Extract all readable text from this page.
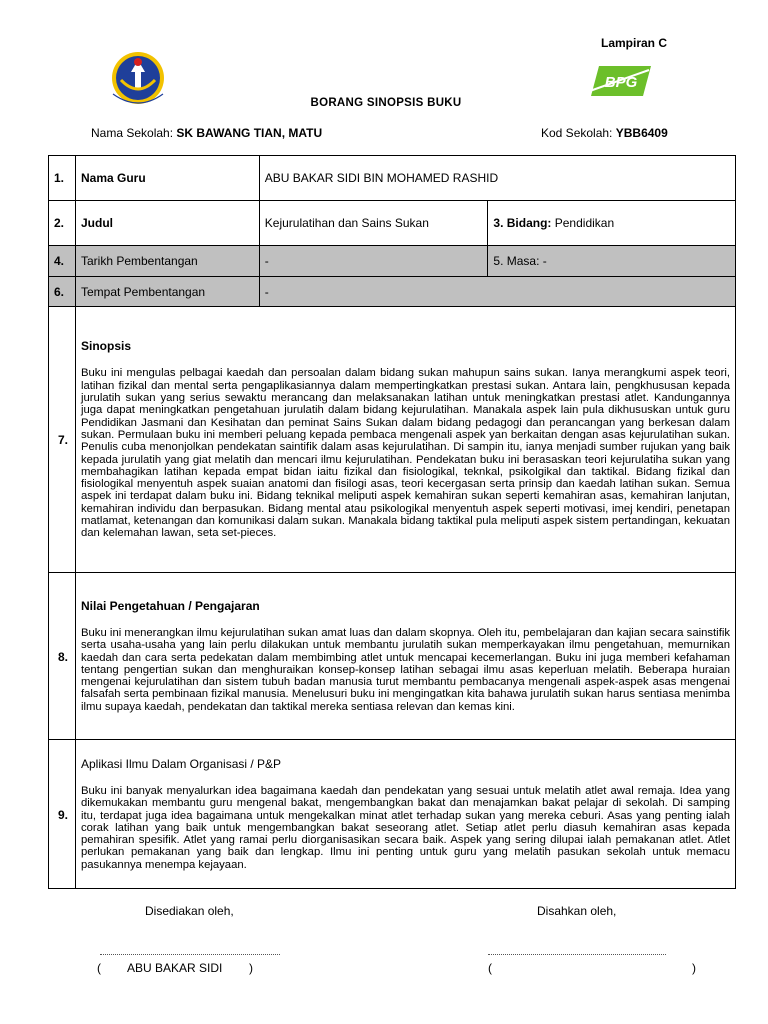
Lampiran C
BPG
BORANG SINOPSIS BUKU
Nama Sekolah: SK BAWANG TIAN, MATU	Kod Sekolah: YBB6409
1.	Nama Guru	ABU BAKAR SIDI BIN MOHAMED RASHID	
2.	Judul	Kejurulatihan dan Sains Sukan	3. Bidang: Pendidikan
4.	Tarikh Pembentangan	-	5. Masa: -
6.	Tempat Pembentangan	-	
7.	Sinopsis
Buku ini mengulas pelbagai kaedah dan persoalan dalam bidang sukan mahupun sains sukan. Ianya merangkumi aspek teori, latihan fizikal dan mental serta pengaplikasiannya dalam mempertingkatkan prestasi sukan. Antara lain, pengkhususan kepada jurulatih sukan yang serius sewaktu merancang dan melaksanakan latihan untuk meningkatkan prestasi atlet. Kandungannya juga dapat meningkatkan pengetahuan jurulatih dalam bidang kejurulatihan. Manakala aspek lain pula dikhususkan untuk guru Pendidikan Jasmani dan Kesihatan dan peminat Sains Sukan dalam bidang pedagogi dan perancangan yang berkesan dalam sukan. Permulaan buku ini memberi peluang kepada pembaca mengenali aspek yan berkaitan dengan asas kejurulatihan sukan. Penulis cuba menonjolkan pendekatan saintifik dalam asas kejurulatihan. Di sampin itu, ianya menjadi sumber rujukan yang baik kepada jurulatih yang giat melatih dan mencari ilmu kejurulatihan. Pendekatan buku ini berasaskan teori kejurulatiha sukan yang membahagikan latihan kepada empat bidan iaitu fizikal dan fisiologikal, teknkal, psikolgikal dan taktikal. Bidang fizikal dan fisiologikal menyentuh aspek suaian anatomi dan fisilogi asas, teori kecergasan serta prinsip dan kaedah latihan sukan. Semua aspek ini terdapat dalam buku ini. Bidang teknikal meliputi aspek kemahiran sukan seperti kemahiran asas, kemahiran lanjutan, kemahiran individu dan berpasukan. Bidang mental atau psikologikal menyentuh aspek seperti motivasi, imej kendiri, penetapan matlamat, ketenangan dan komunikasi dalam sukan. Manakala bidang taktikal pula meliputi aspek sistem pertandingan, kekuatan dan kelemahan lawan, seta set-pieces.		

8.	Nilai Pengetahuan / Pengajaran
Buku ini menerangkan ilmu kejurulatihan sukan amat luas dan dalam skopnya. Oleh itu, pembelajaran dan kajian secara sainstifik serta usaha-usaha yang lain perlu dilakukan untuk membantu jurulatih sukan memperkayakan ilmu pengetahuan, memurnikan kaedah dan cara serta pedekatan dalam membimbing atlet untuk mencapai kecemerlangan. Buku ini juga memberi kefahaman tentang pengertian sukan dan menghuraikan konsep-konsep latihan sebagai ilmu asas keperluan melatih. Beberapa huraian mengenai kejurulatihan dan sistem tubuh badan manusia turut membantu pembacanya mengenali aspek-aspek asas mengenai falsafah serta pembinaan fizikal manusia. Menelusuri buku ini mengingatkan kita bahawa jurulatih sukan harus sentiasa menimba ilmu supaya kaedah, pendekatan dan taktikal mereka sentiasa relevan dan kemas kini.		

9.	Aplikasi Ilmu Dalam Organisasi / P&P
Buku ini banyak menyalurkan idea bagaimana kaedah dan pendekatan yang sesuai untuk melatih atlet awal remaja. Idea yang dikemukakan membantu guru mengenal bakat, mengembangkan bakat dan menajamkan bakat pelajar di sekolah. Di samping itu, terdapat juga idea bagaimana untuk mengekalkan minat atlet terhadap sukan yang mereka ceburi. Asas yang penting ialah corak latihan yang baik untuk mengembangkan bakat seseorang atlet. Setiap atlet perlu diasuh kemahiran asas kepada pemahiran spesifik. Atlet yang ramai perlu diorganisasikan secara baik. Aspek yang sering dilupai ialah pemakanan atlet. Atlet perlukan pemakanan yang baik dan lengkap. Ilmu ini penting untuk guru yang melatih pasukan sekolah untuk memacu pasukannya menempa kejayaan.		
Disediakan oleh,	Disahkan oleh,
(        ABU BAKAR SIDI        )	(                                                            )
